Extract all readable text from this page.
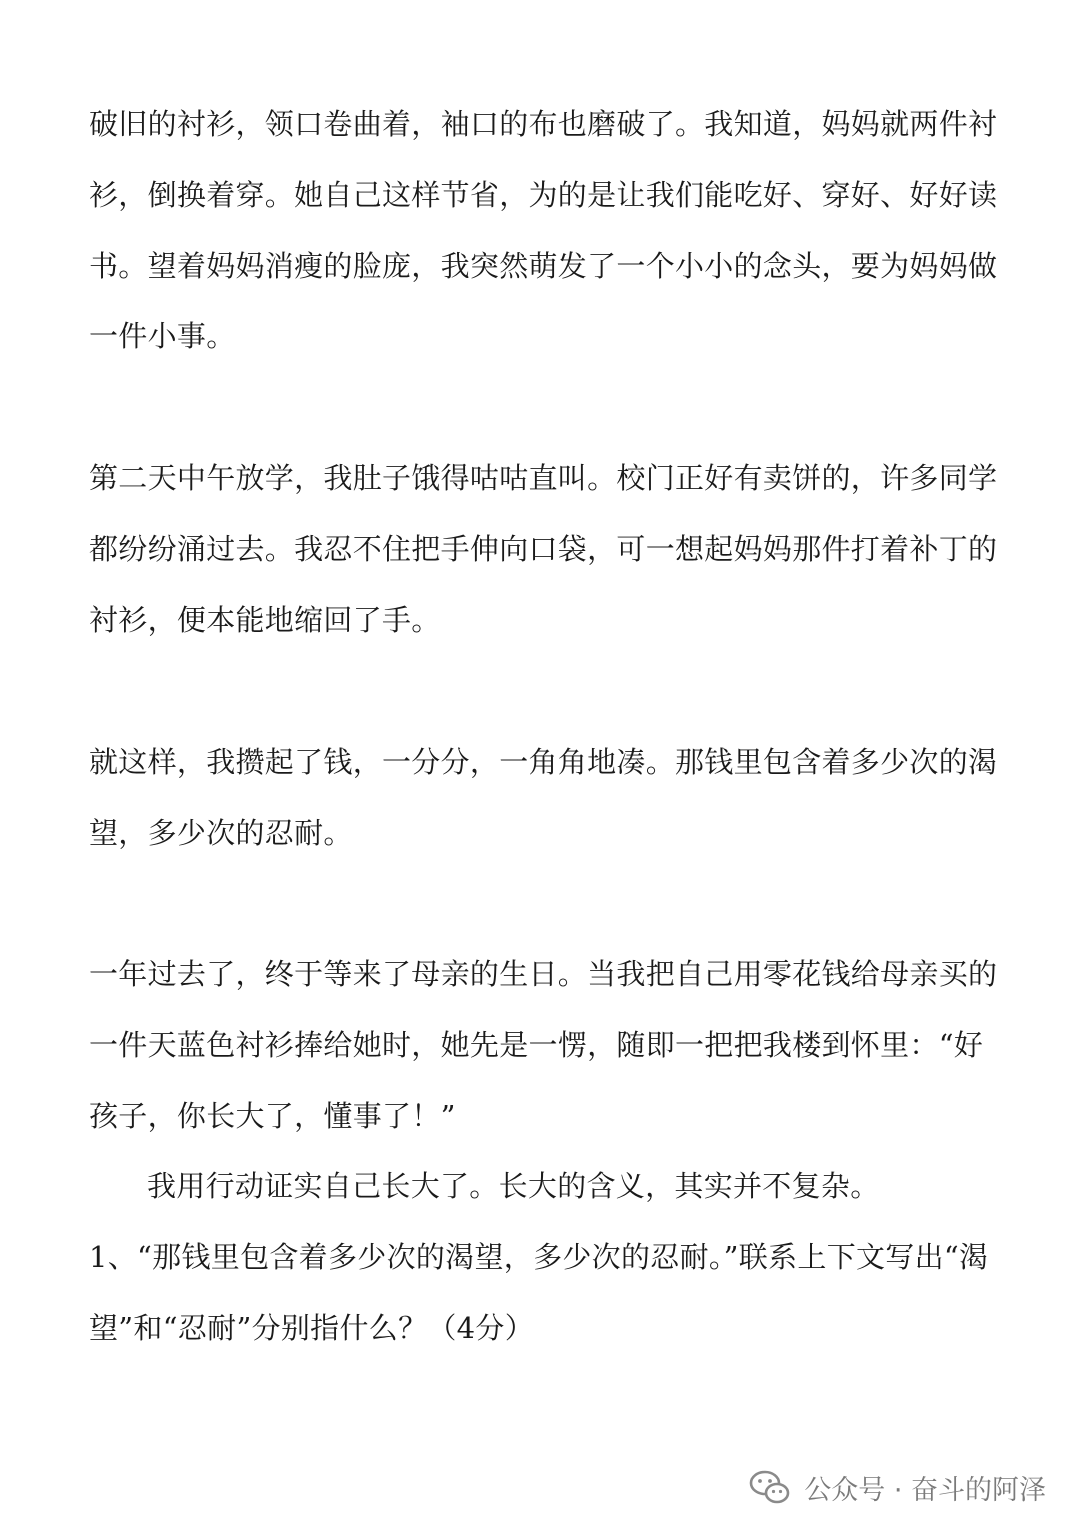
破旧的衬衫，领口卷曲着，袖口的布也磨破了。我知道，妈妈就两件衬
衫，倒换着穿。她自己这样节省，为的是让我们能吃好、穿好、好好读
书。望着妈妈消瘦的脸庞，我突然萌发了一个小小的念头，要为妈妈做
一件小事。
第二天中午放学，我肚子饿得咕咕直叫。校门正好有卖饼的，许多同学
都纷纷涌过去。我忍不住把手伸向口袋，可一想起妈妈那件打着补丁的
衬衫，便本能地缩回了手。
就这样，我攒起了钱，一分分，一角角地凑。那钱里包含着多少次的渴
望，多少次的忍耐。
一年过去了，终于等来了母亲的生日。当我把自己用零花钱给母亲买的
一件天蓝色衬衫捧给她时，她先是一愣，随即一把把我楼到怀里：“好
孩子，你长大了，懂事了！”
我用行动证实自己长大了。长大的含义，其实并不复杂。
1、“那钱里包含着多少次的渴望，多少次的忍耐。”联系上下文写出“渴
望”和“忍耐”分别指什么？（4分）
公众号 · 奋斗的阿泽
